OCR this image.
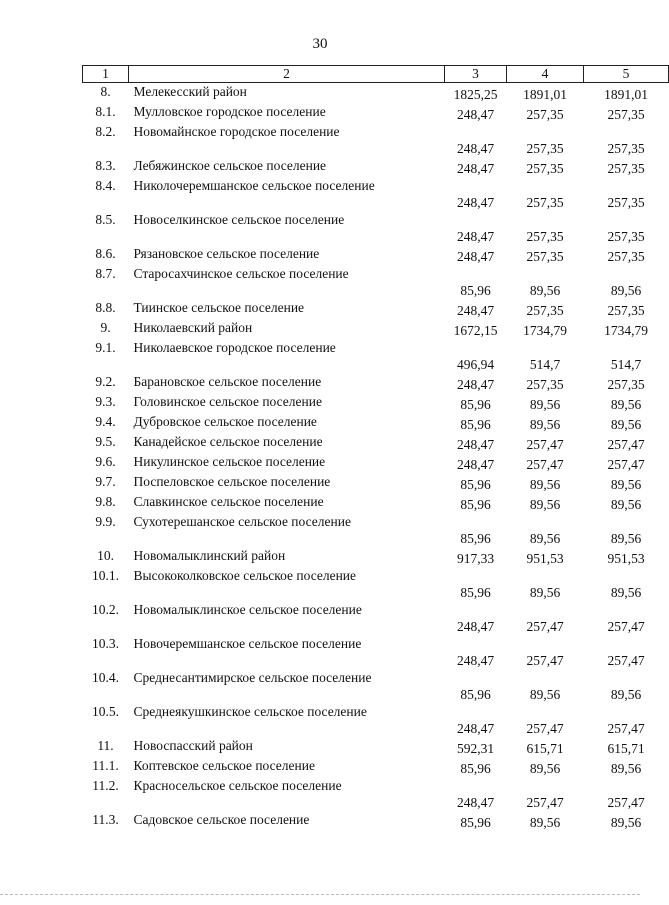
30
1	2	3	4	5
8.	Мелекесский район	1825,25	1891,01	1891,01
8.1.	Мулловское городское поселение	248,47	257,35	257,35
8.2.	Новомайнское городское поселение	248,47	257,35	257,35
8.3.	Лебяжинское сельское поселение	248,47	257,35	257,35
8.4.	Николочеремшанское сельское поселение	248,47	257,35	257,35
8.5.	Новоселкинское сельское поселение	248,47	257,35	257,35
8.6.	Рязановское сельское поселение	248,47	257,35	257,35
8.7.	Старосахчинское сельское поселение	85,96	89,56	89,56
8.8.	Тиинское сельское поселение	248,47	257,35	257,35
9.	Николаевский район	1672,15	1734,79	1734,79
9.1.	Николаевское городское поселение	496,94	514,7	514,7
9.2.	Барановское сельское поселение	248,47	257,35	257,35
9.3.	Головинское сельское поселение	85,96	89,56	89,56
9.4.	Дубровское сельское поселение	85,96	89,56	89,56
9.5.	Канадейское сельское поселение	248,47	257,47	257,47
9.6.	Никулинское сельское поселение	248,47	257,47	257,47
9.7.	Поспеловское сельское поселение	85,96	89,56	89,56
9.8.	Славкинское сельское поселение	85,96	89,56	89,56
9.9.	Сухотерешанское сельское поселение	85,96	89,56	89,56
10.	Новомалыклинский район	917,33	951,53	951,53
10.1.	Высококолковское сельское поселение	85,96	89,56	89,56
10.2.	Новомалыклинское сельское поселение	248,47	257,47	257,47
10.3.	Новочеремшанское сельское поселение	248,47	257,47	257,47
10.4.	Среднесантимирское сельское поселение	85,96	89,56	89,56
10.5.	Среднеякушкинское сельское поселение	248,47	257,47	257,47
11.	Новоспасский район	592,31	615,71	615,71
11.1.	Коптевское сельское поселение	85,96	89,56	89,56
11.2.	Красносельское сельское поселение	248,47	257,47	257,47
11.3.	Садовское сельское поселение	85,96	89,56	89,56
